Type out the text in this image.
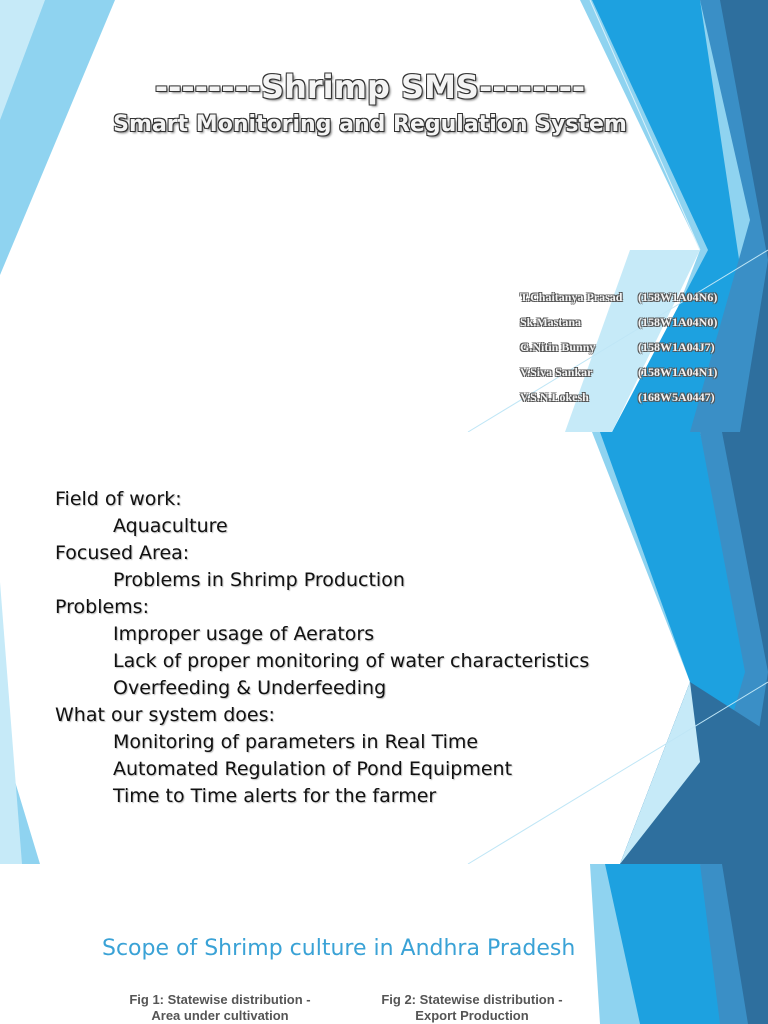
--------Shrimp SMS--------
Smart Monitoring and Regulation System
T.Chaitanya Prasad (158W1A04N6)
Sk.Mastana	(158W1A04N0)
G.Nitin Bunny	(158W1A04J7)
V.Siva Sankar	(158W1A04N1)
V.S.N.Lokesh	(168W5A0447)
Field of work:
Aquaculture
Focused Area:
Problems in Shrimp Production
Problems:
Improper usage of Aerators
Lack of proper monitoring of water characteristics
Overfeeding & Underfeeding
What our system does:
Monitoring of parameters in Real Time
Automated Regulation of Pond Equipment
Time to Time alerts for the farmer
Scope of Shrimp culture in Andhra Pradesh
Fig 1: Statewise distribution - Area under cultivation
Fig 2: Statewise distribution - Export Production
